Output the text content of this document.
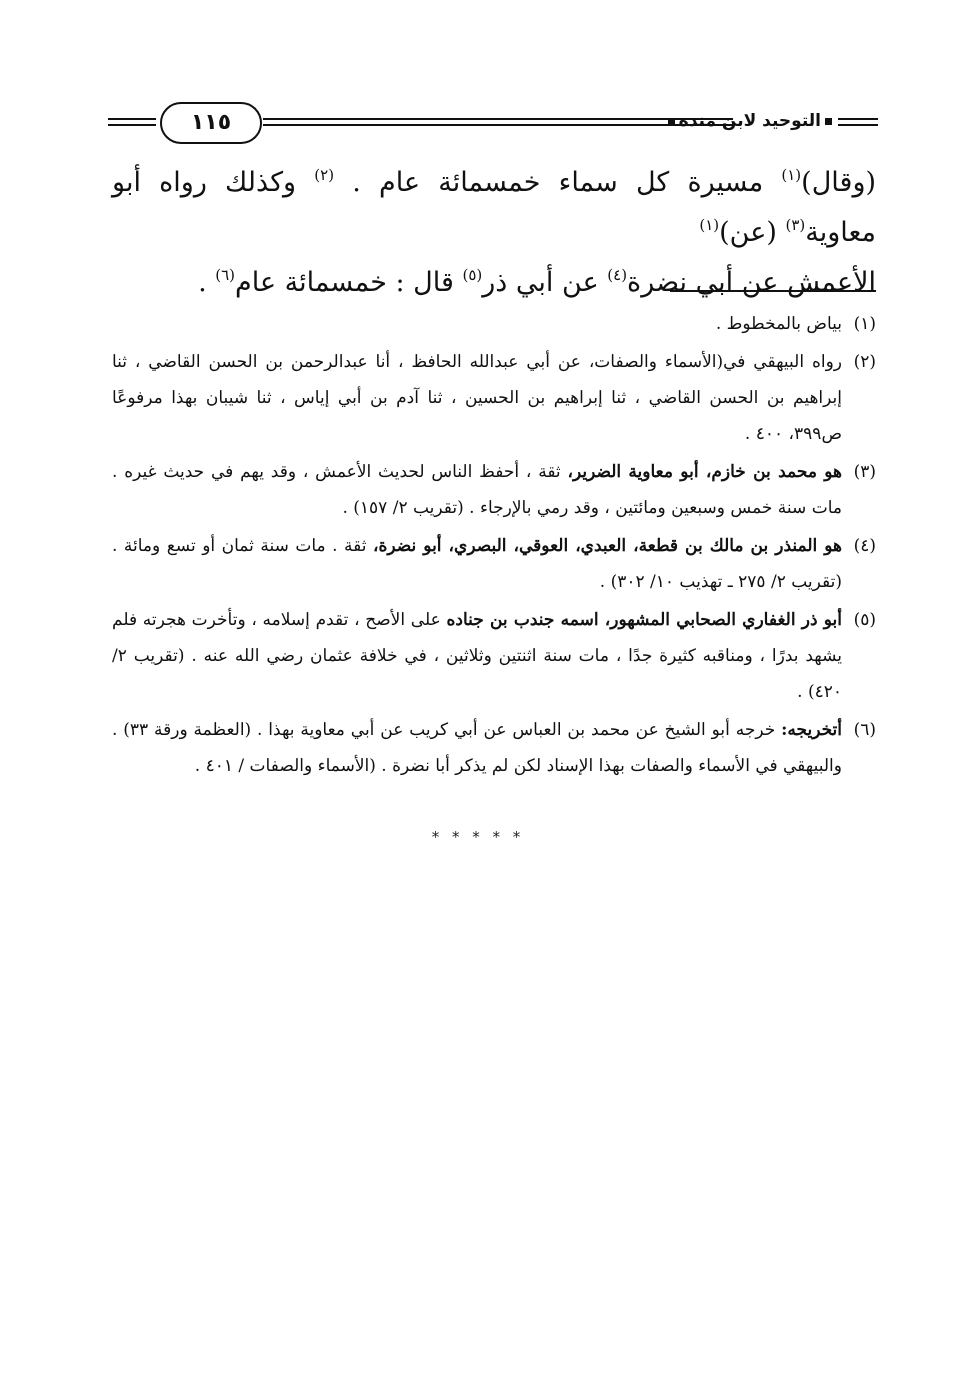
١١٥	التوحيد لابن منده

(وقال)$^{(١)}$ مسيرة كل سماء خمسمائة عام . $^{(٢)}$ وكذلك رواه أبو معاوية$^{(٣)}$ (عن)$^{(١)}$

الأعمش عن أبي نضرة$^{(٤)}$ عن أبي ذر$^{(٥)}$ قال : خمسمائة عام$^{(٦)}$ .

(١)
بياض بالمخطوط .
(٢)
رواه البيهقي في(الأسماء والصفات، عن أبي عبدالله الحافظ ، أنا عبدالرحمن بن الحسن القاضي ، ثنا إبراهيم بن الحسن القاضي ، ثنا إبراهيم بن الحسين ، ثنا آدم بن أبي إياس ، ثنا شيبان بهذا مرفوعًا ص٣٩٩، ٤٠٠ .
(٣)
هو محمد بن خازم، أبو معاوية الضرير، ثقة ، أحفظ الناس لحديث الأعمش ، وقد يهم في حديث غيره . مات سنة خمس وسبعين ومائتين ، وقد رمي بالإرجاء . (تقريب ٢/ ١٥٧) .
(٤)
هو المنذر بن مالك بن قطعة، العبدي، العوقي، البصري، أبو نضرة، ثقة . مات سنة ثمان أو تسع ومائة . (تقريب ٢/ ٢٧٥ ـ تهذيب ١٠/ ٣٠٢) .
(٥)
أبو ذر الغفاري الصحابي المشهور، اسمه جندب بن جناده على الأصح ، تقدم إسلامه ، وتأخرت هجرته فلم يشهد بدرًا ، ومناقبه كثيرة جدًا ، مات سنة اثنتين وثلاثين ، في خلافة عثمان رضي الله عنه . (تقريب ٢/ ٤٢٠) .
(٦)
أتخريجه: خرجه أبو الشيخ عن محمد بن العباس عن أبي كريب عن أبي معاوية بهذا . (العظمة ورقة ٣٣) . والبيهقي في الأسماء والصفات بهذا الإسناد لكن لم يذكر أبا نضرة . (الأسماء والصفات / ٤٠١ .
* * * * *
